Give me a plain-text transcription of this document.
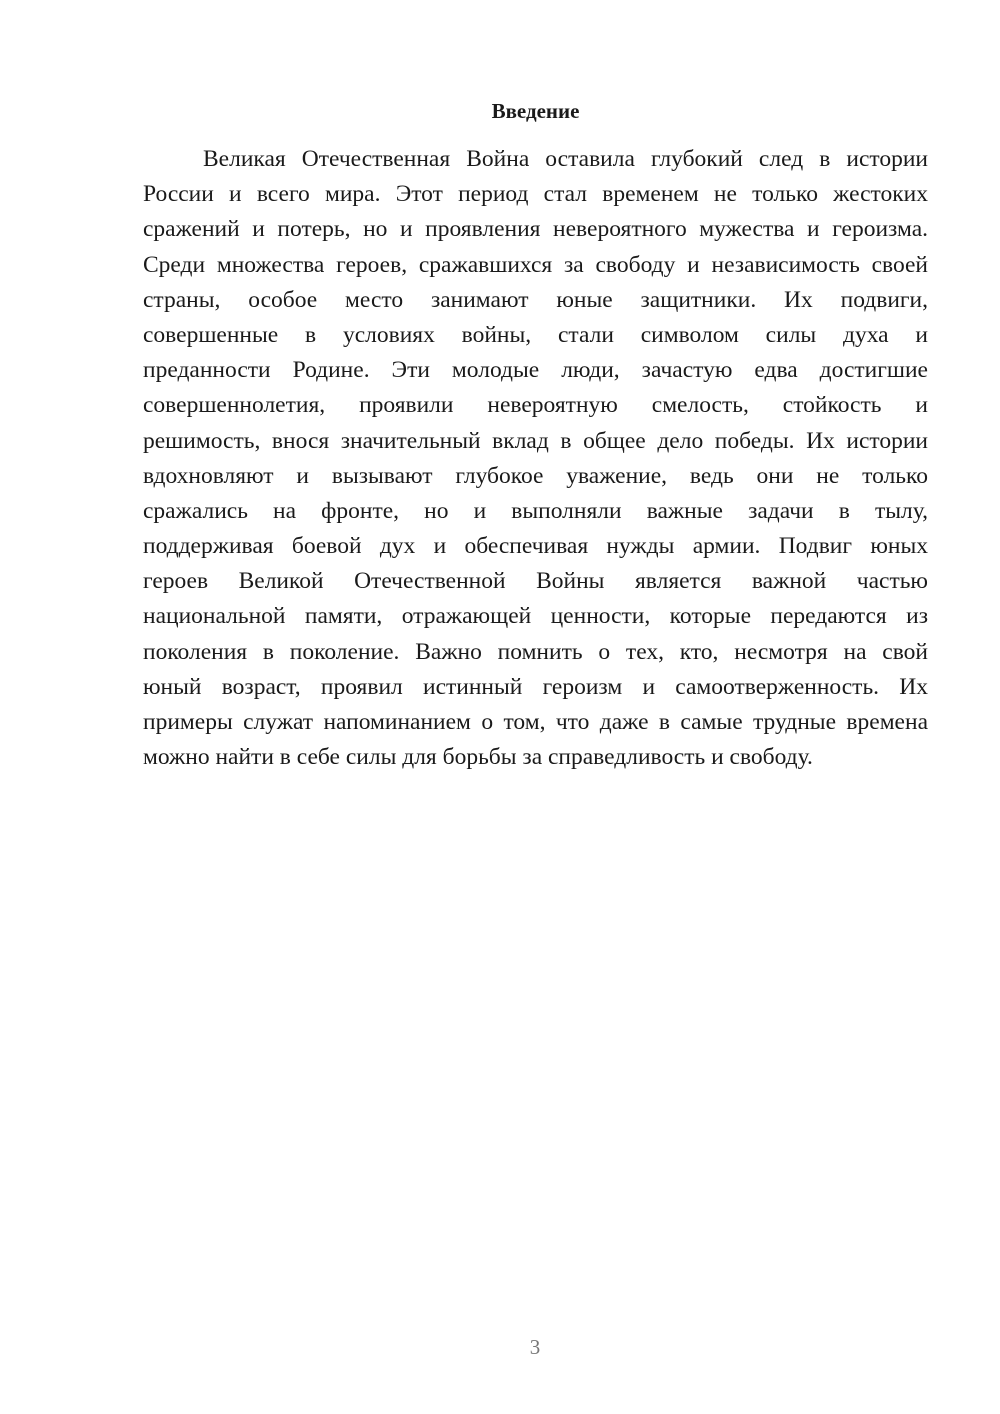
Введение
Великая Отечественная Война оставила глубокий след в истории
России и всего мира. Этот период стал временем не только жестоких
сражений и потерь, но и проявления невероятного мужества и героизма.
Среди множества героев, сражавшихся за свободу и независимость своей
страны, особое место занимают юные защитники. Их подвиги,
совершенные в условиях войны, стали символом силы духа и
преданности Родине. Эти молодые люди, зачастую едва достигшие
совершеннолетия, проявили невероятную смелость, стойкость и
решимость, внося значительный вклад в общее дело победы. Их истории
вдохновляют и вызывают глубокое уважение, ведь они не только
сражались на фронте, но и выполняли важные задачи в тылу,
поддерживая боевой дух и обеспечивая нужды армии. Подвиг юных
героев Великой Отечественной Войны является важной частью
национальной памяти, отражающей ценности, которые передаются из
поколения в поколение. Важно помнить о тех, кто, несмотря на свой
юный возраст, проявил истинный героизм и самоотверженность. Их
примеры служат напоминанием о том, что даже в самые трудные времена
можно найти в себе силы для борьбы за справедливость и свободу.
3
